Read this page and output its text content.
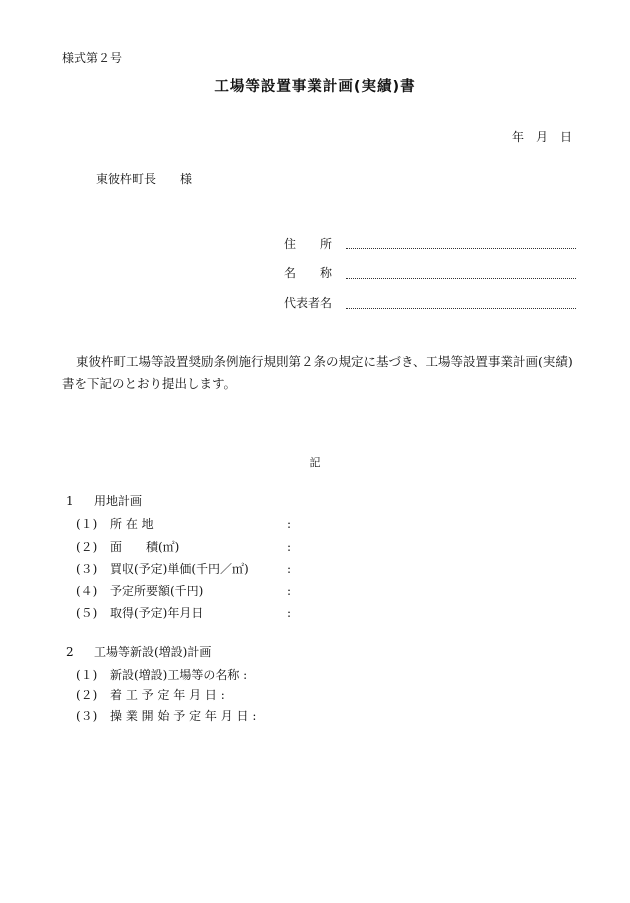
様式第２号
工場等設置事業計画(実績)書
年　月　日
東彼杵町長　　様
住　　所
名　　称
代表者名
東彼杵町工場等設置奨励条例施行規則第２条の規定に基づき、工場等設置事業計画(実績)書を下記のとおり提出します。
記
1 用地計画
(１) 所 在 地	:
(２) 面　　積(㎡)	:
(３) 買収(予定)単価(千円／㎡)	:
(４) 予定所要額(千円)	:
(５) 取得(予定)年月日	:
2 工場等新設(増設)計画
(１) 新設(増設)工場等の名称 :
(２) 着 工 予 定 年 月 日 :
(３) 操 業 開 始 予 定 年 月 日 :
